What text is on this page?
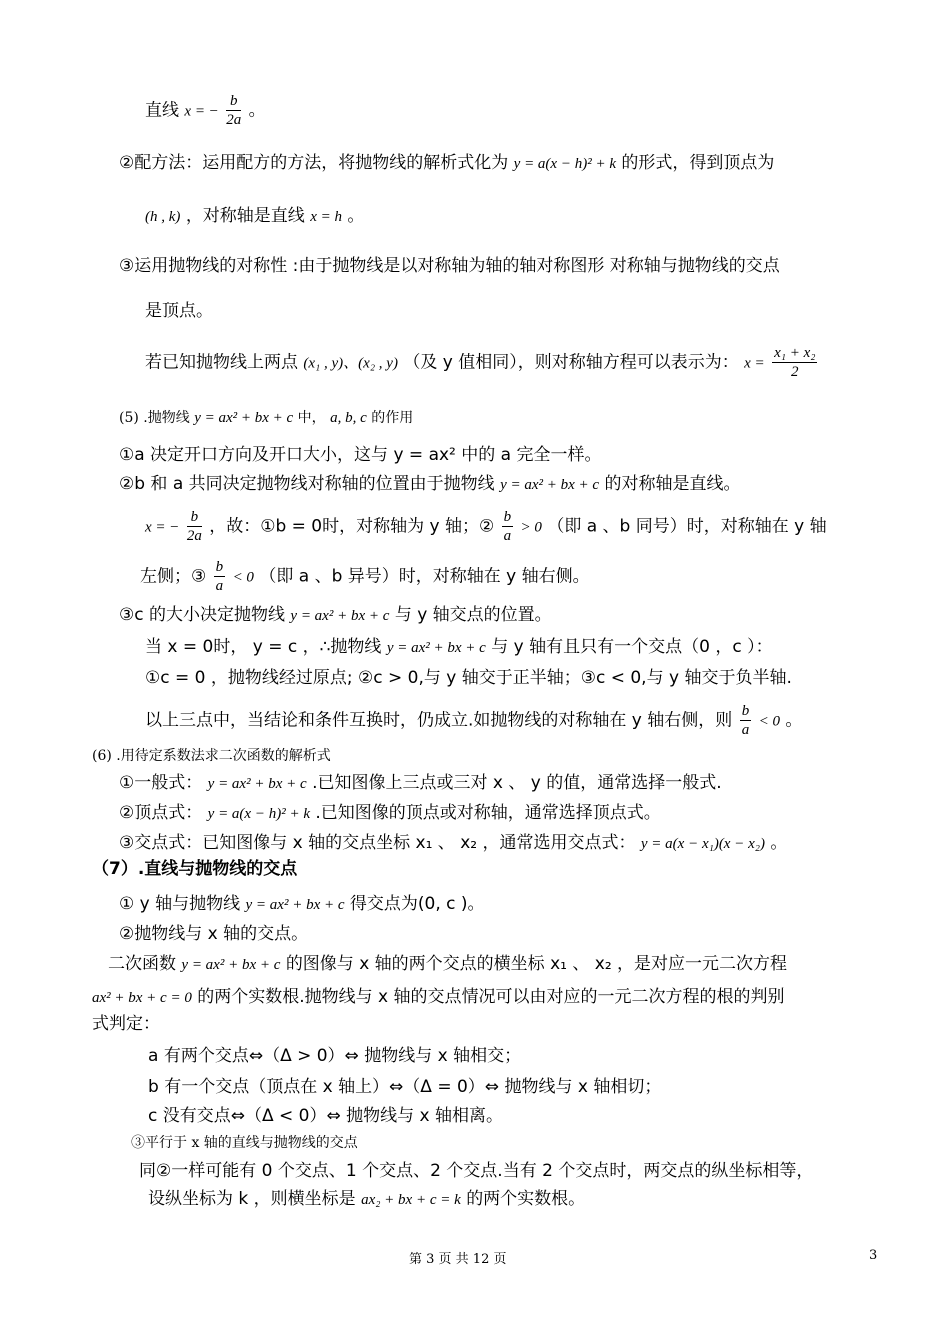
直线 x = − $\frac{b}{2a}$ 。
②配方法：运用配方的方法，将抛物线的解析式化为 y = a(x − h)² + k 的形式，得到顶点为
(h , k) ，对称轴是直线 x = h 。
③运用抛物线的对称性 :由于抛物线是以对称轴为轴的轴对称图形 对称轴与抛物线的交点
是顶点。
若已知抛物线上两点 (x₁ , y)、(x₂ , y) （及 y 值相同），则对称轴方程可以表示为： $x = \frac{\text{x₁ + x₂}}{2}$
(5) .抛物线 y = ax² + bx + c 中， a, b, c 的作用
①a 决定开口方向及开口大小，这与 y = ax² 中的 a 完全一样。
②b 和 a 共同决定抛物线对称轴的位置由于抛物线 y = ax² + bx + c 的对称轴是直线。
x = − $\frac{b}{2a}$ ，故：①b = 0时，对称轴为 y 轴；② $\frac{b}{a} > 0$ （即 a 、b 同号）时，对称轴在 y 轴
左侧；③ $\frac{b}{a} < 0$ （即 a 、b 异号）时，对称轴在 y 轴右侧。
③c 的大小决定抛物线 y = ax² + bx + c 与 y 轴交点的位置。
当 x = 0时， y = c ，∴抛物线 y = ax² + bx + c 与 y 轴有且只有一个交点（0 ，c ）：
①c = 0 ，抛物线经过原点; ②c > 0,与 y 轴交于正半轴；③c < 0,与 y 轴交于负半轴.
以上三点中，当结论和条件互换时，仍成立.如抛物线的对称轴在 y 轴右侧，则 $\frac{b}{a} < 0$ 。
(6) .用待定系数法求二次函数的解析式
①一般式： y = ax² + bx + c .已知图像上三点或三对 x 、 y 的值，通常选择一般式.
②顶点式： y = a(x − h)² + k .已知图像的顶点或对称轴，通常选择顶点式。
③交点式：已知图像与 x 轴的交点坐标 x₁ 、 x₂ ，通常选用交点式： y = a(x − x₁)(x − x₂) 。
（7）.直线与抛物线的交点
① y 轴与抛物线 y = ax² + bx + c 得交点为(0, c )。
②抛物线与 x 轴的交点。
二次函数 y = ax² + bx + c 的图像与 x 轴的两个交点的横坐标 x₁ 、 x₂ ，是对应一元二次方程
ax² + bx + c = 0 的两个实数根.抛物线与 x 轴的交点情况可以由对应的一元二次方程的根的判别
式判定：
a 有两个交点⇔（Δ > 0）⇔ 抛物线与 x 轴相交；
b 有一个交点（顶点在 x 轴上）⇔（Δ = 0）⇔ 抛物线与 x 轴相切；
c 没有交点⇔（Δ < 0）⇔ 抛物线与 x 轴相离。
③平行于 x 轴的直线与抛物线的交点
同②一样可能有 0 个交点、1 个交点、2 个交点.当有 2 个交点时，两交点的纵坐标相等，
设纵坐标为 k ，则横坐标是 ax₂ + bx + c = k 的两个实数根。
第 3 页 共 12 页	3
